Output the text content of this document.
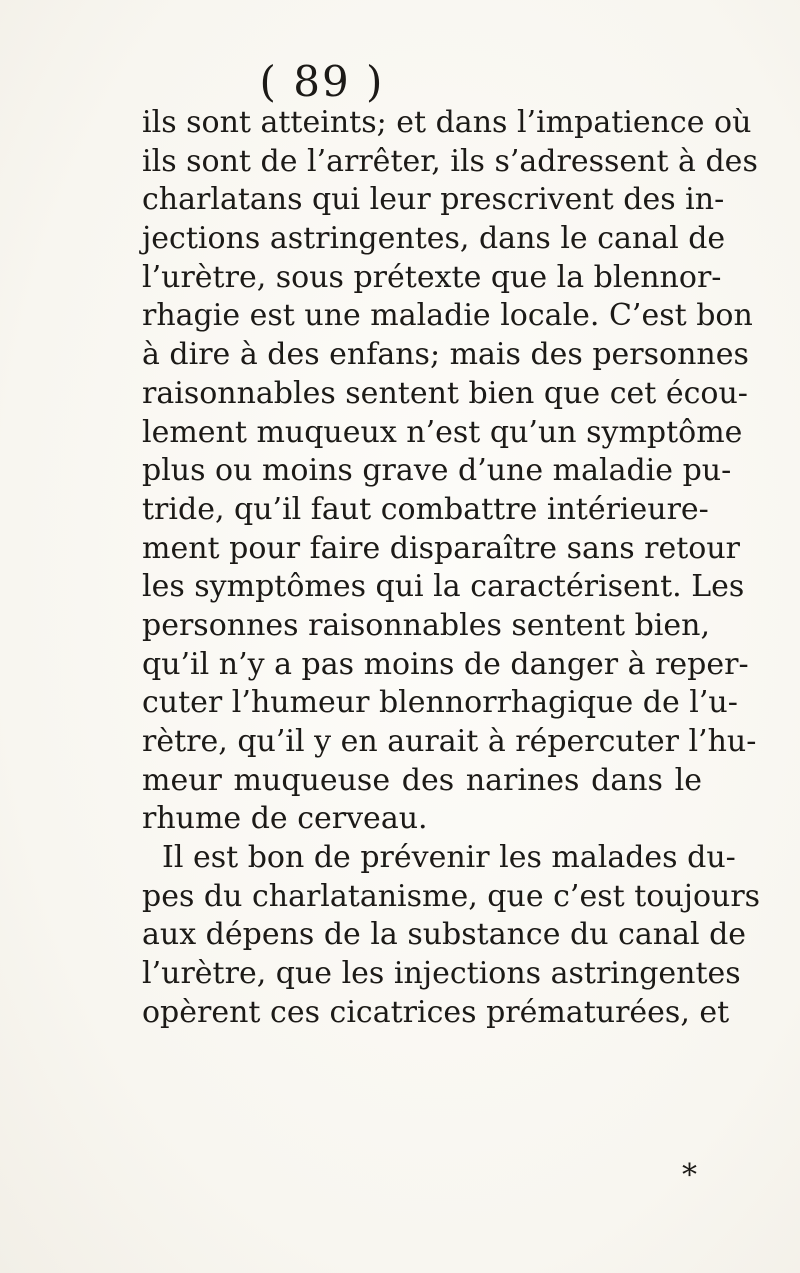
( 89 )
ils sont atteints; et dans l’impatience où
ils sont de l’arrêter, ils s’adressent à des
charlatans qui leur prescrivent des in-
jections astringentes, dans le canal de
l’urètre, sous prétexte que la blennor-
rhagie est une maladie locale. C’est bon
à dire à des enfans; mais des personnes
raisonnables sentent bien que cet écou-
lement muqueux n’est qu’un symptôme
plus ou moins grave d’une maladie pu-
tride, qu’il faut combattre intérieure-
ment pour faire disparaître sans retour
les symptômes qui la caractérisent. Les
personnes raisonnables sentent bien,
qu’il n’y a pas moins de danger à reper-
cuter l’humeur blennorrhagique de l’u-
rètre, qu’il y en aurait à répercuter l’hu-
meur muqueuse des narines dans le
rhume de cerveau.
Il est bon de prévenir les malades du-
pes du charlatanisme, que c’est toujours
aux dépens de la substance du canal de
l’urètre, que les injections astringentes
opèrent ces cicatrices prématurées, et
*
